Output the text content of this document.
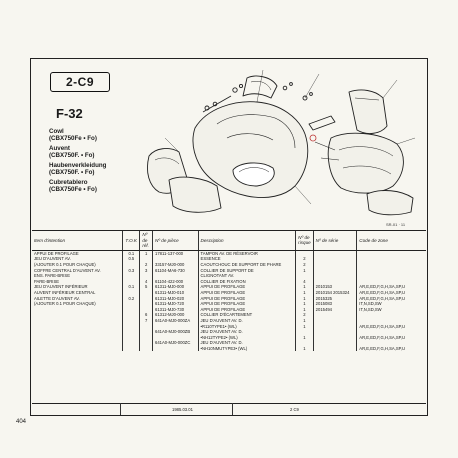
2-C9
F-32
Cowl
(CBX750Fe • Fo)
Auvent
(CBX750F. • Fo)
Haubenverkleidung
(CBX750F. • Fo)
Cubretablero
(CBX750Fe • Fo)
SR-01 · 11
Item d'intention	T.O.K	Nº de réf.	Nº de pièce	Description	Nº de risque	Nº de série	Code de zone
APPUI DE PROFILAGE	0.1	1	17811-137-000	TAMPON AV. DE RÉSERVOIR			
JEU D'AUVENT AV.	0.5			ESSENCE	2		
(AJOUTER 0.1 POUR CHAQUE)		2	33157-MJ0-000	CAOUTCHOUC DE SUPPORT DE PHARE	2		
COFFRE CENTRAL D'AUVENT AV.	0.3	3	61104-MA6-730	COLLIER DE SUPPORT DE	1		
ENS. PARE-BRISE				CLIGNOTANT AV.			
PARE-BRISE		4	61104-422-000	COLLIER DE FIXATION	4		
JEU D'AUVENT INFÉRIEUR	0.1	5	61311-MJ0-000	APPUI DE PROFILAGE	1	2010153	AR,E,ED,F,G,H,SA,SP,U
AUVENT INFÉRIEUR CENTRAL			61311-MJ0-010	APPUI DE PROFILAGE	1	2010154 2015324	AR,E,ED,F,G,H,SA,SP,U
AILETTE D'AUVENT AV.	0.2		61311-MJ0-020	APPUI DE PROFILAGE	1	2015325	AR,E,ED,F,G,H,SA,SP,U
(AJOUTER 0.1 POUR CHAQUE)			61311-MJ0-720	APPUI DE PROFILAGE	1	2015083	IT,N,SD,SW
			61311-MJ0-730	APPUI DE PROFILAGE	1	2015494	IT,N,SD,SW
		6	61312-MJ0-000	COLLIER D'ÉCARTEMENT	2		
		7	641A0-MJ0-000ZA	JEU D'AUVENT AV. D.	1		
				•R110TYPE1• (WL)	1		AR,E,ED,F,G,H,SA,SP,U
			641A0-MJ0-000ZB	JEU D'AUVENT AV. D.			
				•NH12TYPE2• (WL)	1		AR,E,ED,F,G,H,SA,SP,U
			641A0-MJ0-000ZC	JEU D'AUVENT AV. D.			
				•NH10NMUTYPE3• (WL)	1		AR,E,ED,F,G,H,SA,SP,U
1985.03.01	2 C9
404
